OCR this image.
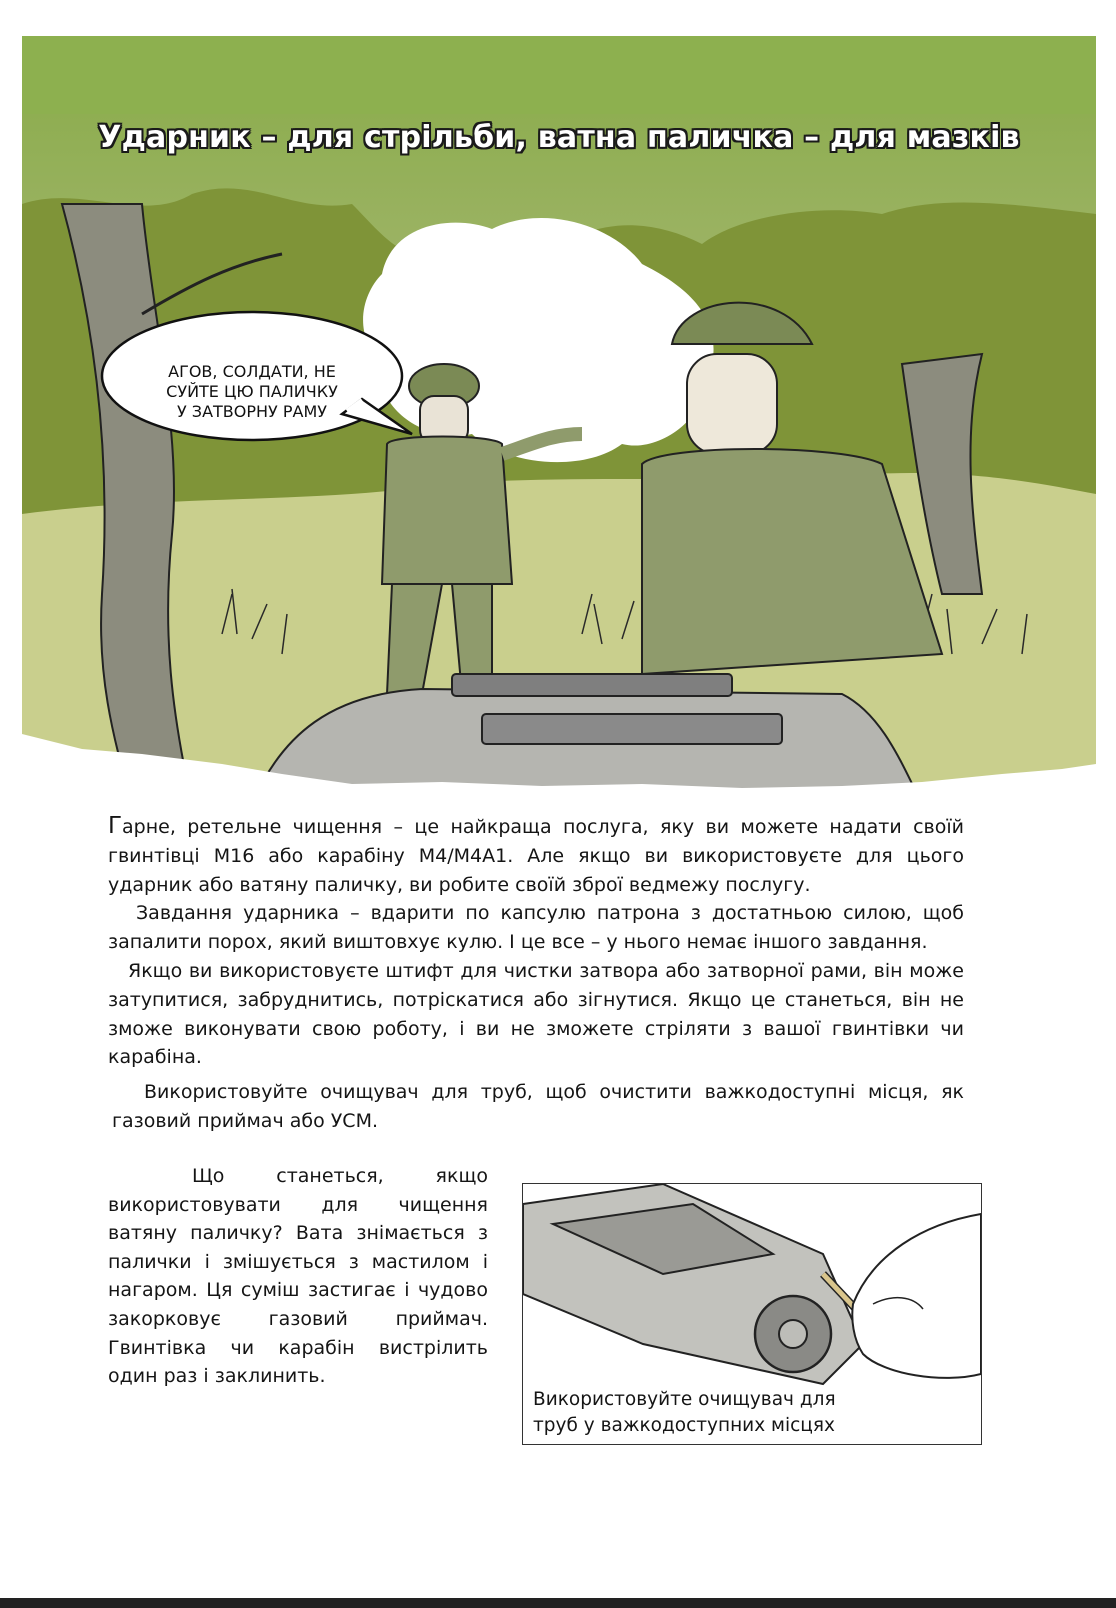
Ударник – для стрільби, ватна паличка – для мазків
АГОВ, СОЛДАТИ, НЕ
СУЙТЕ ЦЮ ПАЛИЧКУ
У ЗАТВОРНУ РАМУ

Гарне, ретельне чищення – це найкраща послуга, яку ви можете надати своїй гвинтівці M16 або карабіну M4/M4A1. Але якщо ви використовуєте для цього ударник або ватяну паличку, ви робите своїй зброї ведмежу послугу.

Завдання ударника – вдарити по капсулю патрона з достатньою силою, щоб запалити порох, який виштовхує кулю. І це все – у нього немає іншого завдання.

Якщо ви використовуєте штифт для чистки затвора або затворної рами, він може затупитися, забруднитись, потріскатися або зігнутися. Якщо це станеться, він не зможе виконувати свою роботу, і ви не зможете стріляти з вашої гвинтівки чи карабіна.

Використовуйте очищувач для труб, щоб очистити важкодоступні місця, як газовий приймач або УСМ.

Що станеться, якщо використовувати для чищення ватяну паличку? Вата знімається з палички і змішується з мастилом і нагаром. Ця суміш застигає і чудово закорковує газовий приймач. Гвинтівка чи карабін вистрілить один раз і заклинить.

Використовуйте очищувач для труб у важкодоступних місцях
